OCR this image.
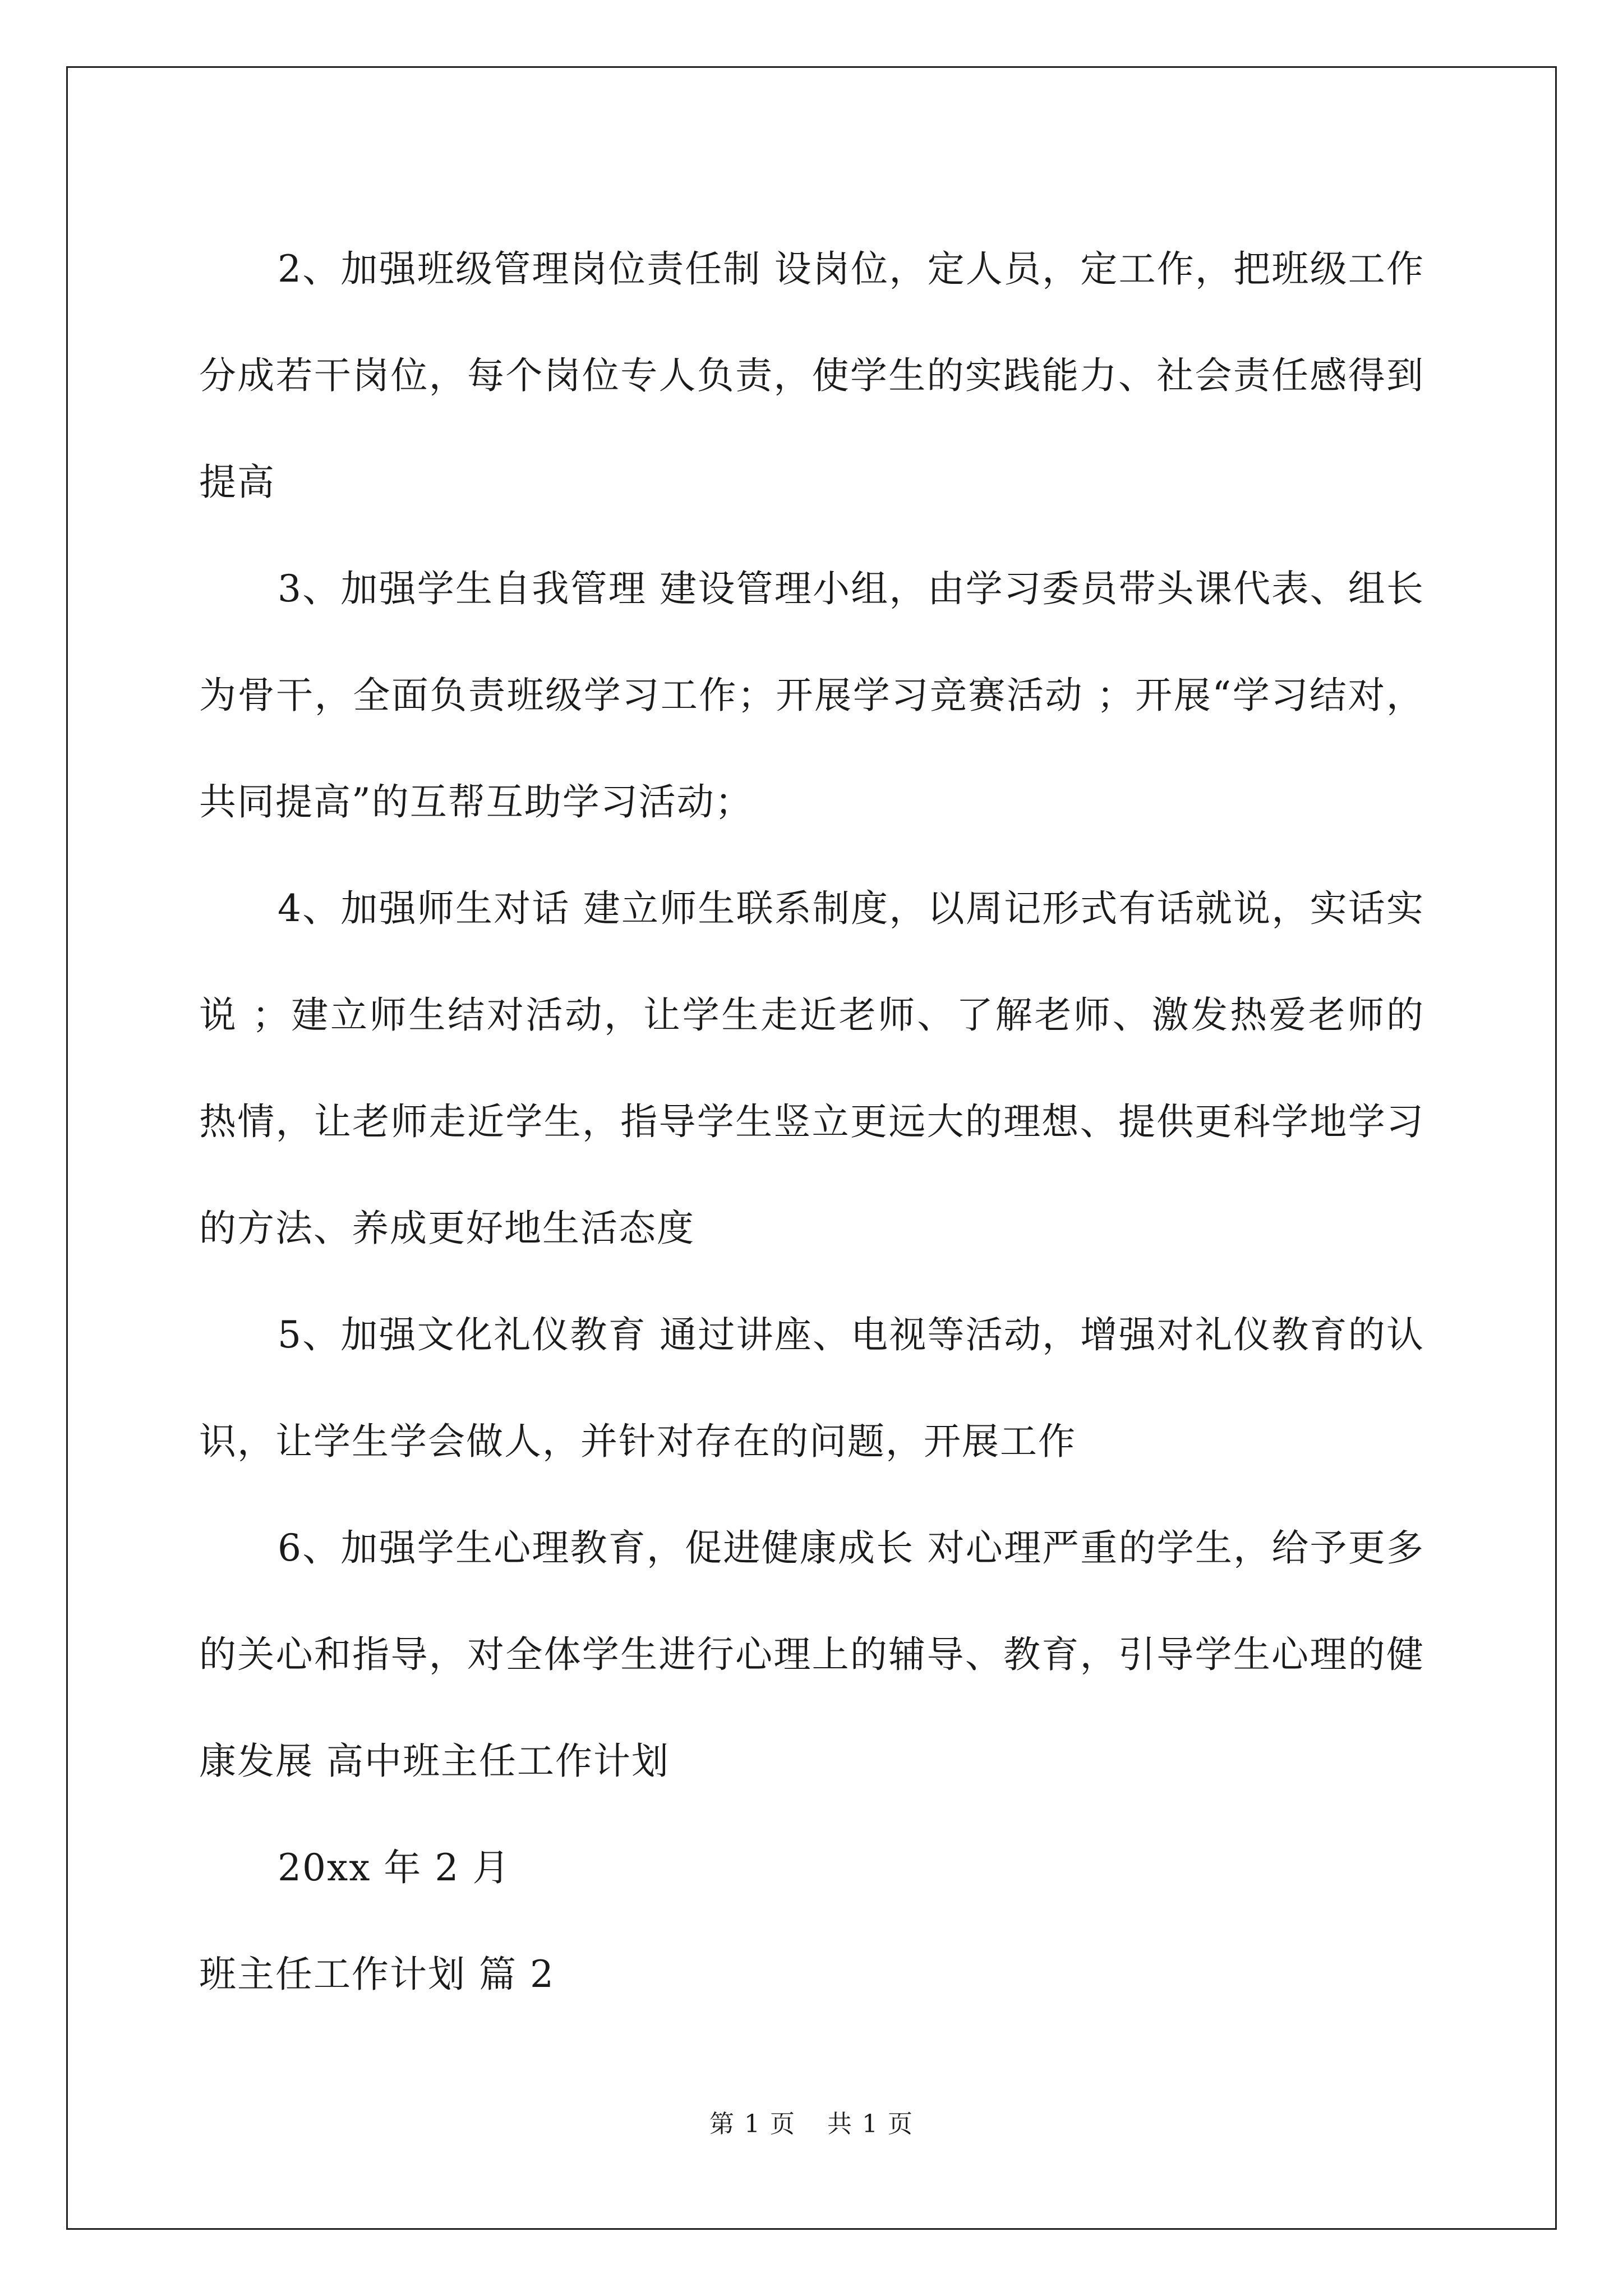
2、加强班级管理岗位责任制 设岗位，定人员，定工作，把班级工作分成若干岗位，每个岗位专人负责，使学生的实践能力、社会责任感得到提高

3、加强学生自我管理 建设管理小组，由学习委员带头课代表、组长为骨干，全面负责班级学习工作；开展学习竞赛活动 ；开展“学习结对，共同提高”的互帮互助学习活动；

4、加强师生对话 建立师生联系制度，以周记形式有话就说，实话实说 ；建立师生结对活动，让学生走近老师、了解老师、激发热爱老师的热情，让老师走近学生，指导学生竖立更远大的理想、提供更科学地学习的方法、养成更好地生活态度

5、加强文化礼仪教育 通过讲座、电视等活动，增强对礼仪教育的认识，让学生学会做人，并针对存在的问题，开展工作

6、加强学生心理教育，促进健康成长 对心理严重的学生，给予更多的关心和指导，对全体学生进行心理上的辅导、教育，引导学生心理的健康发展 高中班主任工作计划

20xx 年 2 月

班主任工作计划 篇 2

第 1 页 共 1 页
